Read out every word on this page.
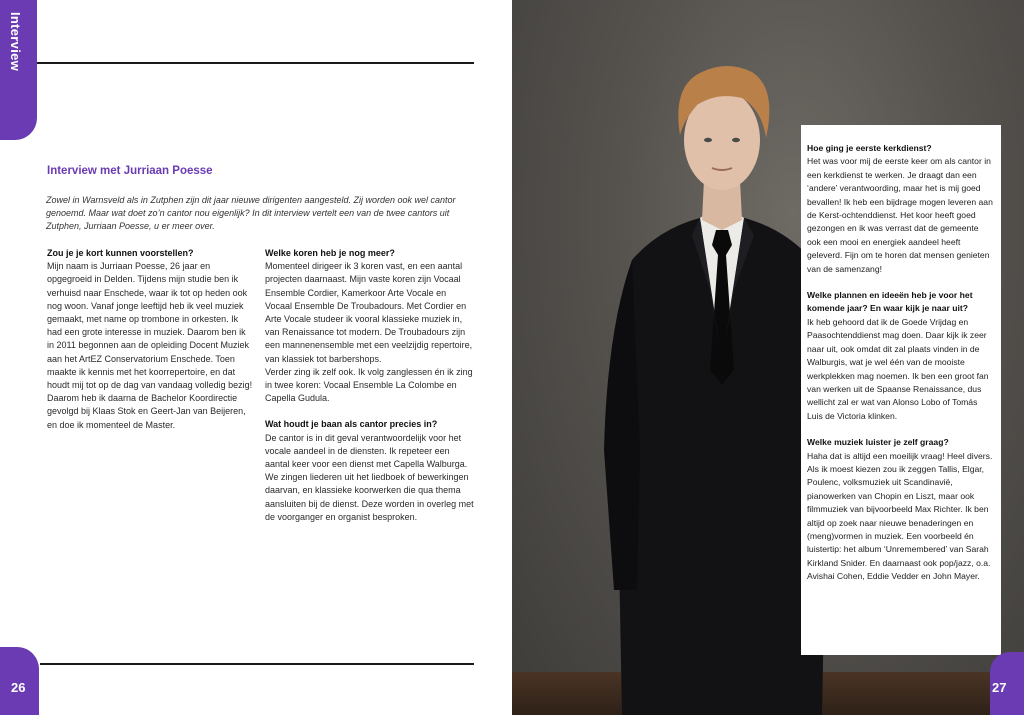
Interview
Interview met Jurriaan Poesse

Zowel in Warnsveld als in Zutphen zijn dit jaar nieuwe dirigenten aangesteld. Zij worden ook wel cantor genoemd. Maar wat doet zo’n cantor nou eigenlijk? In dit interview vertelt een van de twee cantors uit Zutphen, Jurriaan Poesse, u er meer over.

Zou je je kort kunnen voorstellen?
Mijn naam is Jurriaan Poesse, 26 jaar en opgegroeid in Delden. Tijdens mijn studie ben ik verhuisd naar Enschede, waar ik tot op heden ook nog woon. Vanaf jonge leeftijd heb ik veel muziek gemaakt, met name op trombone in orkesten. Ik had een grote interesse in muziek. Daarom ben ik in 2011 begonnen aan de opleiding Docent Muziek aan het ArtEZ Conservatorium Enschede. Toen maakte ik kennis met het koorrepertoire, en dat houdt mij tot op de dag van vandaag volledig bezig! Daarom heb ik daarna de Bachelor Koordirectie gevolgd bij Klaas Stok en Geert-Jan van Beijeren, en doe ik momenteel de Master.
Welke koren heb je nog meer?
Momenteel dirigeer ik 3 koren vast, en een aantal projecten daarnaast. Mijn vaste koren zijn Vocaal Ensemble Cordier, Kamerkoor Arte Vocale en Vocaal Ensemble De Troubadours. Met Cordier en Arte Vocale studeer ik vooral klassieke muziek in, van Renaissance tot modern. De Troubadours zijn een mannenensemble met een veelzijdig repertoire, van klassiek tot barbershops.
Verder zing ik zelf ook. Ik volg zanglessen én ik zing in twee koren: Vocaal Ensemble La Colombe en Capella Gudula.
Wat houdt je baan als cantor precies in?
De cantor is in dit geval verantwoordelijk voor het vocale aandeel in de diensten. Ik repeteer een aantal keer voor een dienst met Capella Walburga. We zingen liederen uit het liedboek of bewerkingen daarvan, en klassieke koorwerken die qua thema aansluiten bij de dienst. Deze worden in overleg met de voorganger en organist besproken.
26
Hoe ging je eerste kerkdienst?
Het was voor mij de eerste keer om als cantor in een kerkdienst te werken. Je draagt dan een ‘andere’ verantwoording, maar het is mij goed bevallen! Ik heb een bijdrage mogen leveren aan de Kerst-ochtenddienst. Het koor heeft goed gezongen en ik was verrast dat de gemeente ook een mooi en energiek aandeel heeft geleverd. Fijn om te horen dat mensen genieten van de samenzang!
Welke plannen en ideeën heb je voor het komende jaar? En waar kijk je naar uit?
Ik heb gehoord dat ik de Goede Vrijdag en Paasochtenddienst mag doen. Daar kijk ik zeer naar uit, ook omdat dit zal plaats vinden in de Walburgis, wat je wel één van de mooiste werkplekken mag noemen. Ik ben een groot fan van werken uit de Spaanse Renaissance, dus wellicht zal er wat van Alonso Lobo of Tomás Luis de Victoria klinken.
Welke muziek luister je zelf graag?
Haha dat is altijd een moeilijk vraag! Heel divers. Als ik moest kiezen zou ik zeggen Tallis, Elgar, Poulenc, volksmuziek uit Scandinavië, pianowerken van Chopin en Liszt, maar ook filmmuziek van bijvoorbeeld Max Richter. Ik ben altijd op zoek naar nieuwe benaderingen en (meng)vormen in muziek. Een voorbeeld én luistertip: het album ‘Unremembered’ van Sarah Kirkland Snider. En daarnaast ook pop/jazz, o.a. Avishai Cohen, Eddie Vedder en John Mayer.
27
